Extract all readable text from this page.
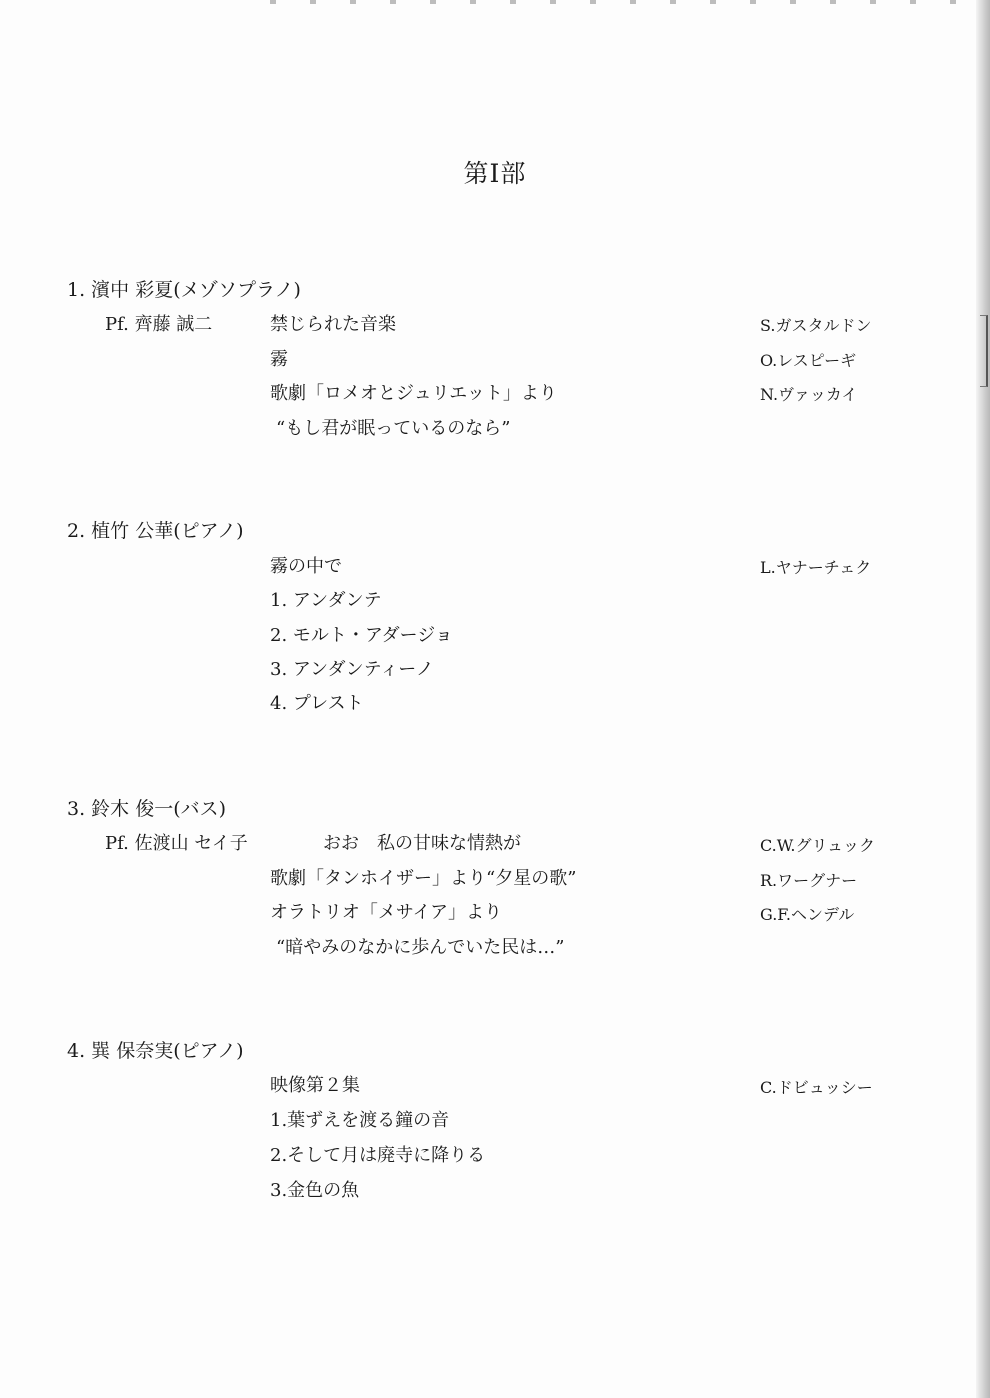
第Ⅰ部
1. 濱中 彩夏(メゾソプラノ)
Pf. 齊藤 誠二	禁じられた音楽	S.ガスタルドン
霧	O.レスピーギ
歌劇「ロメオとジュリエット」より	N.ヴァッカイ
“もし君が眠っているのなら”
2. 植竹 公華(ピアノ)
霧の中で	L.ヤナーチェク
1. アンダンテ
2. モルト・アダージョ
3. アンダンティーノ
4. プレスト
3. 鈴木 俊一(バス)
Pf. 佐渡山 セイ子	おお　私の甘味な情熱が	C.W.グリュック
歌劇「タンホイザー」より“夕星の歌”	R.ワーグナー
オラトリオ「メサイア」より	G.F.ヘンデル
“暗やみのなかに歩んでいた民は…”
4. 巽 保奈実(ピアノ)
映像第２集	C.ドビュッシー
1.葉ずえを渡る鐘の音
2.そして月は廃寺に降りる
3.金色の魚
